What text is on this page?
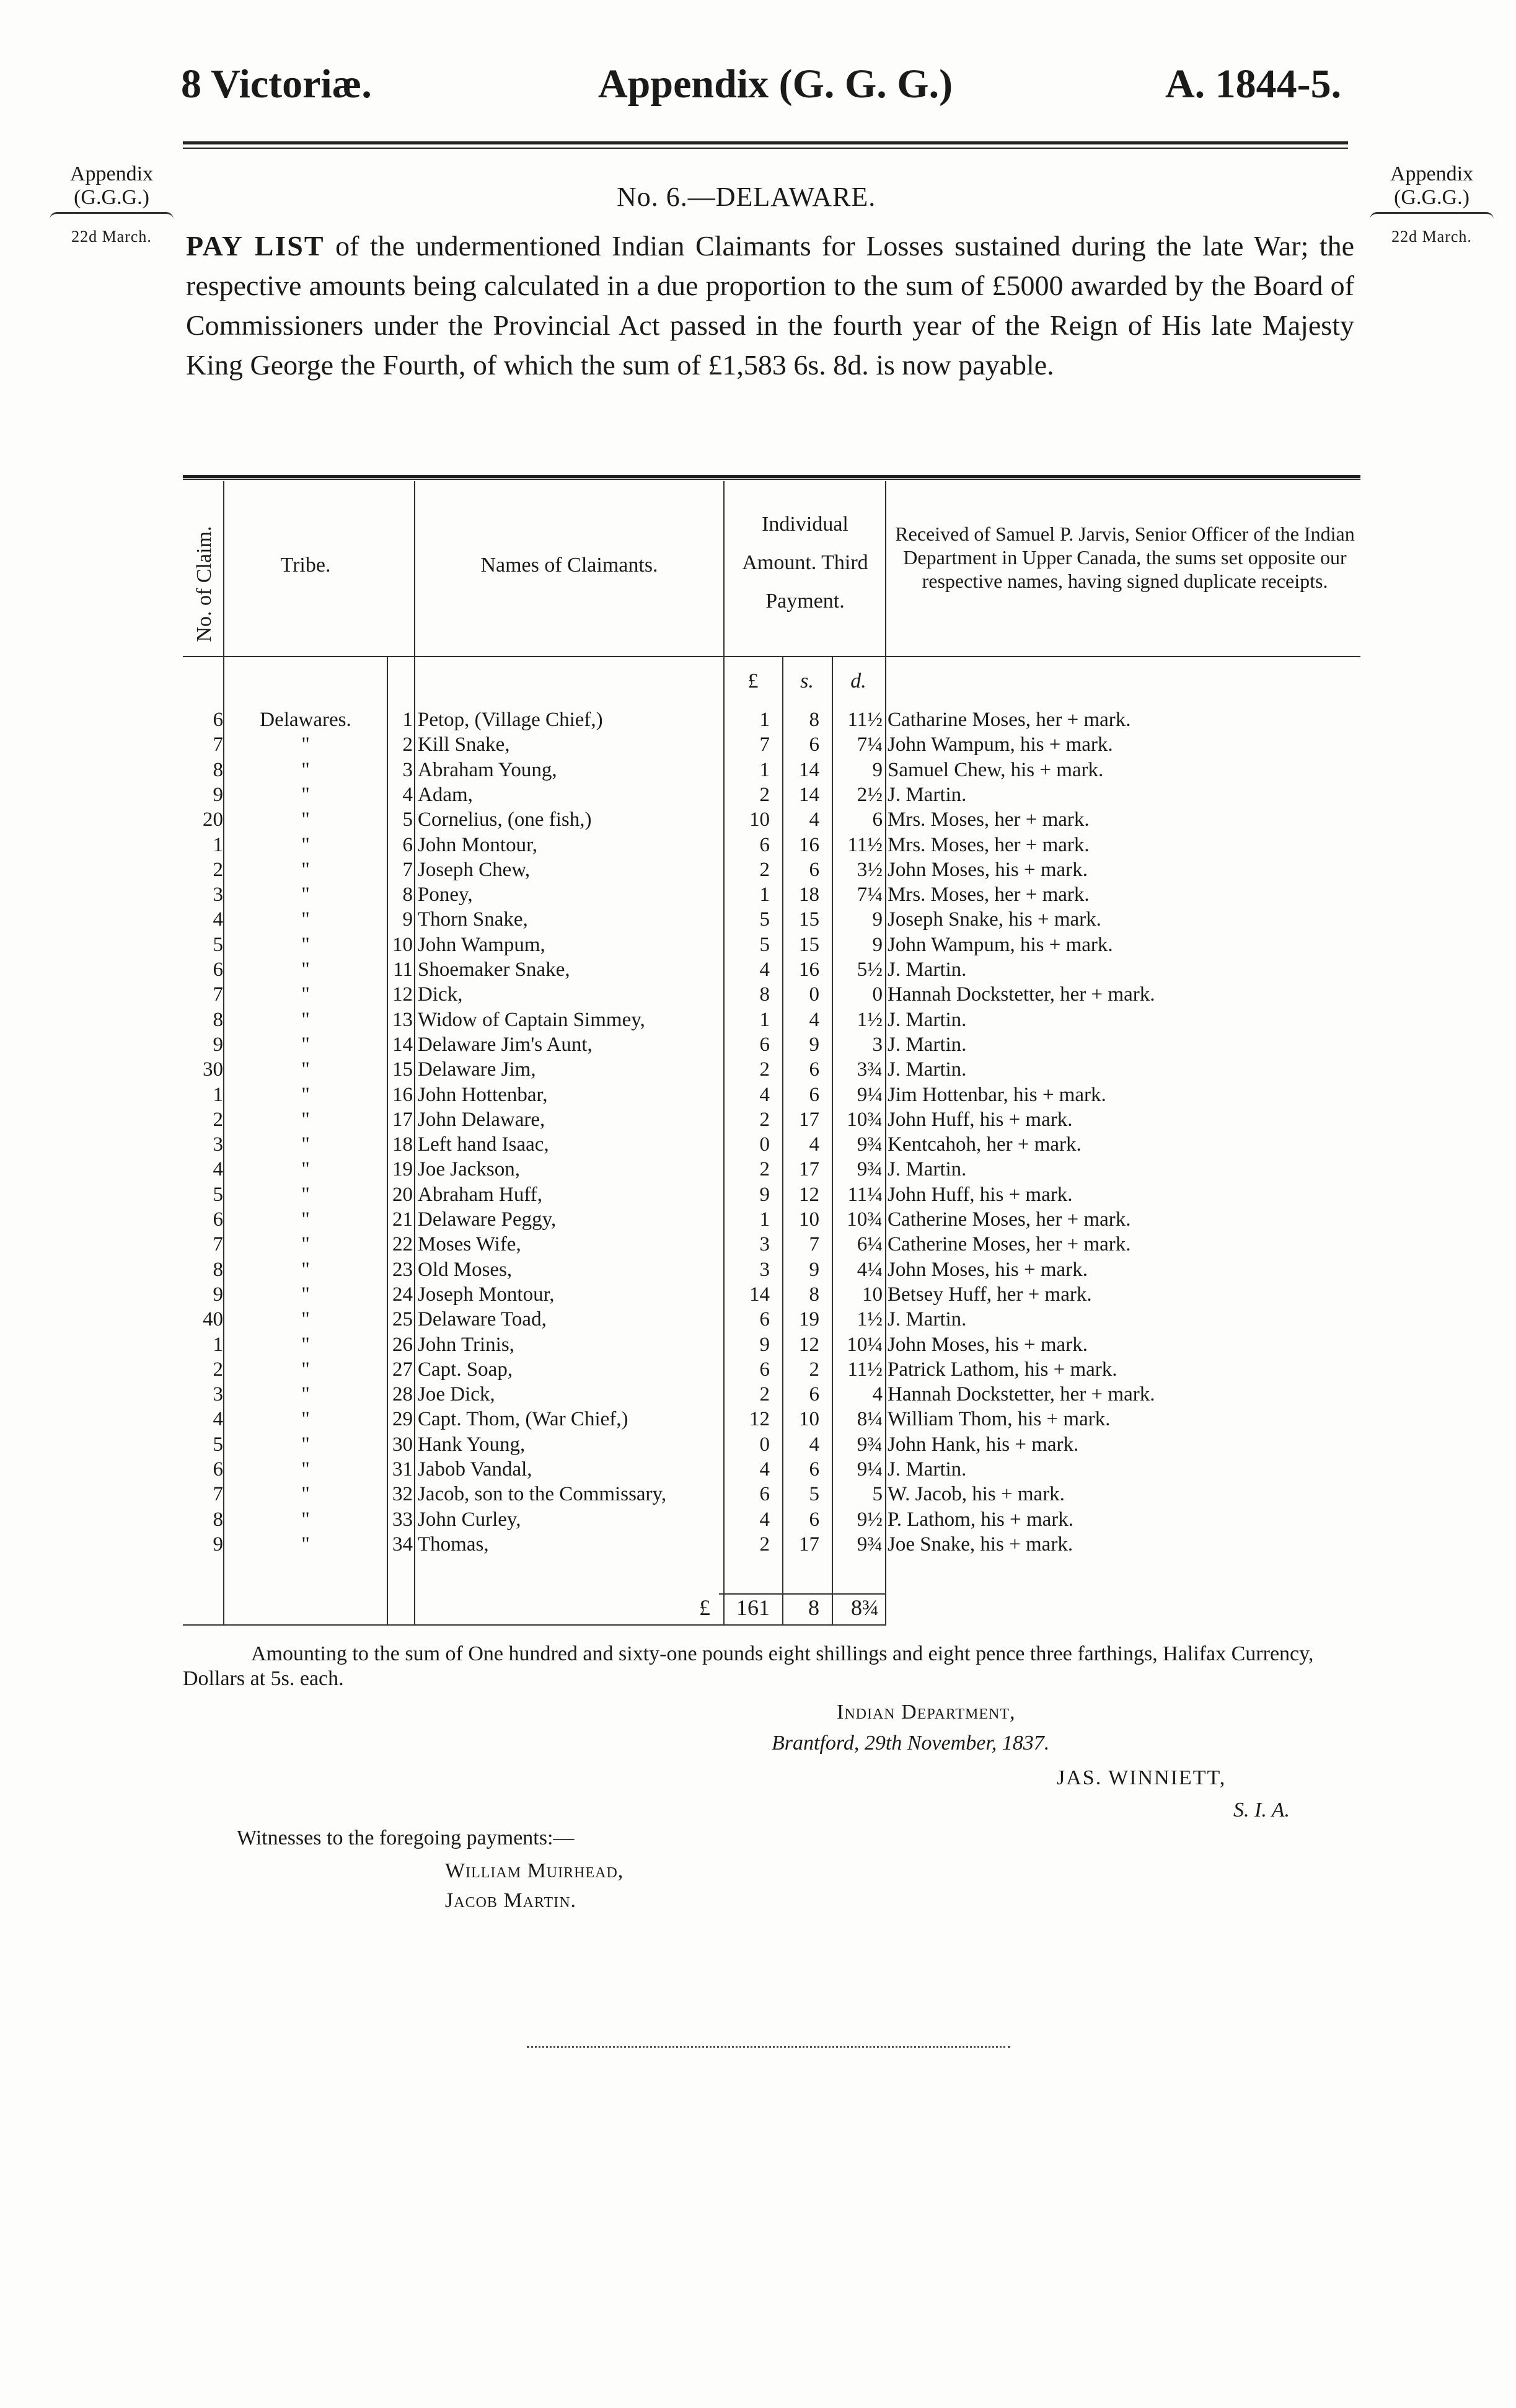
8 Victoriæ.	Appendix (G. G. G.)	A. 1844-5.
Appendix
(G.G.G.)
22d March.
Appendix
(G.G.G.)
22d March.
No. 6.—DELAWARE.
PAY LIST of the undermentioned Indian Claimants for Losses sustained during the late War; the respective amounts being calculated in a due proportion to the sum of £5000 awarded by the Board of Commissioners under the Provincial Act passed in the fourth year of the Reign of His late Majesty King George the Fourth, of which the sum of £1,583 6s. 8d. is now payable.
No. of Claim.	Tribe.	Names of Claimants.
Individual Amount. Third Payment.
Received of Samuel P. Jarvis, Senior Officer of the Indian Department in Upper Canada, the sums set opposite our respective names, having signed duplicate receipts.
£	s.	d.
6	Delawares.	1 Petop, (Village Chief,)	1	8	11½ Catharine Moses, her + mark.
7	"	2 Kill Snake,	7	6	7¼ John Wampum, his + mark.
8	"	3 Abraham Young,	1	14	9 Samuel Chew, his + mark.
9	"	4 Adam,	2	14	2½ J. Martin.
20	"	5 Cornelius, (one fish,)	10	4	6 Mrs. Moses, her + mark.
1	"	6 John Montour,	6	16	11½ Mrs. Moses, her + mark.
2	"	7 Joseph Chew,	2	6	3½ John Moses, his + mark.
3	"	8 Poney,	1	18	7¼ Mrs. Moses, her + mark.
4	"	9 Thorn Snake,	5	15	9 Joseph Snake, his + mark.
5	"	10 John Wampum,	5	15	9 John Wampum, his + mark.
6	"	11 Shoemaker Snake,	4	16	5½ J. Martin.
7	"	12 Dick,	8	0	0 Hannah Dockstetter, her + mark.
8	"	13 Widow of Captain Simmey,	1	4	1½ J. Martin.
9	"	14 Delaware Jim's Aunt,	6	9	3 J. Martin.
30	"	15 Delaware Jim,	2	6	3¾ J. Martin.
1	"	16 John Hottenbar,	4	6	9¼ Jim Hottenbar, his + mark.
2	"	17 John Delaware,	2	17	10¾ John Huff, his + mark.
3	"	18 Left hand Isaac,	0	4	9¾ Kentcahoh, her + mark.
4	"	19 Joe Jackson,	2	17	9¾ J. Martin.
5	"	20 Abraham Huff,	9	12	11¼ John Huff, his + mark.
6	"	21 Delaware Peggy,	1	10	10¾ Catherine Moses, her + mark.
7	"	22 Moses Wife,	3	7	6¼ Catherine Moses, her + mark.
8	"	23 Old Moses,	3	9	4¼ John Moses, his + mark.
9	"	24 Joseph Montour,	14	8	10 Betsey Huff, her + mark.
40	"	25 Delaware Toad,	6	19	1½ J. Martin.
1	"	26 John Trinis,	9	12	10¼ John Moses, his + mark.
2	"	27 Capt. Soap,	6	2	11½ Patrick Lathom, his + mark.
3	"	28 Joe Dick,	2	6	4 Hannah Dockstetter, her + mark.
4	"	29 Capt. Thom, (War Chief,)	12	10	8¼ William Thom, his + mark.
5	"	30 Hank Young,	0	4	9¾ John Hank, his + mark.
6	"	31 Jabob Vandal,	4	6	9¼ J. Martin.
7	"	32 Jacob, son to the Commissary,	6	5	5 W. Jacob, his + mark.
8	"	33 John Curley,	4	6	9½ P. Lathom, his + mark.
9	"	34 Thomas,	2	17	9¾ Joe Snake, his + mark.
£	161	8	8¾
Amounting to the sum of One hundred and sixty-one pounds eight shillings and eight pence three farthings, Halifax Currency, Dollars at 5s. each.
Indian Department,
Brantford, 29th November, 1837.
JAS. WINNIETT,
S. I. A.
Witnesses to the foregoing payments:—
William Muirhead,
Jacob Martin.
